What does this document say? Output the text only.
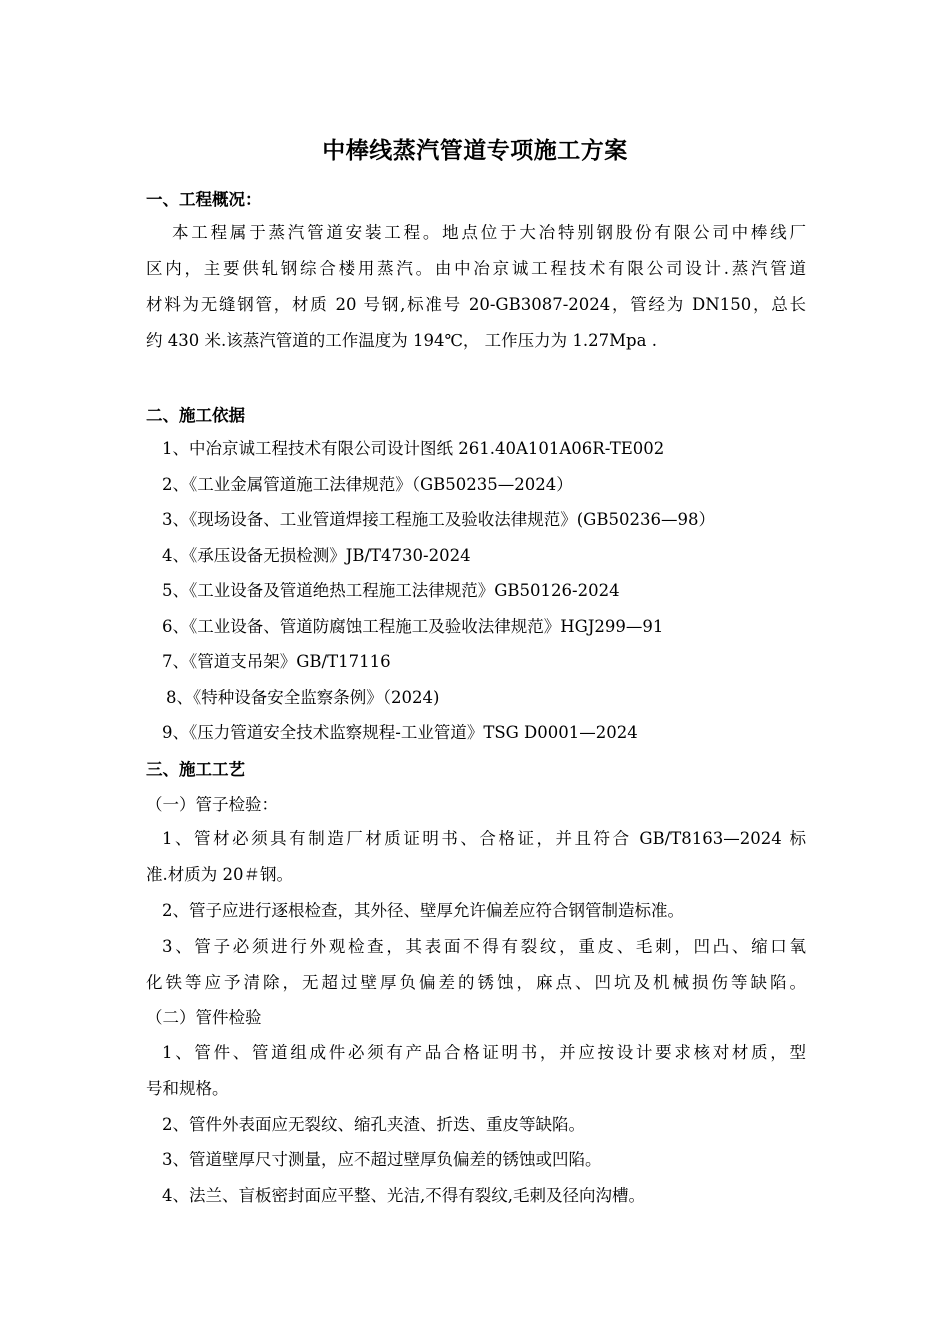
中棒线蒸汽管道专项施工方案
一、工程概况：
本工程属于蒸汽管道安装工程。地点位于大冶特别钢股份有限公司中棒线厂
区内，主要供轧钢综合楼用蒸汽。由中冶京诚工程技术有限公司设计.蒸汽管道
材料为无缝钢管，材质 20 号钢,标准号 20-GB3087-2024，管经为 DN150，总长
约 430 米.该蒸汽管道的工作温度为 194℃， 工作压力为 1.27Mpa .
二、施工依据
1、中冶京诚工程技术有限公司设计图纸 261.40A101A06R-TE002
2、《工业金属管道施工法律规范》（GB50235—2024）
3、《现场设备、工业管道焊接工程施工及验收法律规范》(GB50236—98）
4、《承压设备无损检测》JB/T4730-2024
5、《工业设备及管道绝热工程施工法律规范》GB50126-2024
6、《工业设备、管道防腐蚀工程施工及验收法律规范》HGJ299—91
7、《管道支吊架》GB/T17116
8、《特种设备安全监察条例》（2024)
9、《压力管道安全技术监察规程-工业管道》TSG D0001—2024
三、施工工艺
（一）管子检验：
1、管材必须具有制造厂材质证明书、合格证，并且符合 GB/T8163—2024 标
准.材质为 20＃钢。
2、管子应进行逐根检查，其外径、壁厚允许偏差应符合钢管制造标准。
3、管子必须进行外观检查，其表面不得有裂纹，重皮、毛刺，凹凸、缩口氧
化铁等应予清除，无超过壁厚负偏差的锈蚀，麻点、凹坑及机械损伤等缺陷。
（二）管件检验
1、管件、管道组成件必须有产品合格证明书，并应按设计要求核对材质，型
号和规格。
2、管件外表面应无裂纹、缩孔夹渣、折迭、重皮等缺陷。
3、管道壁厚尺寸测量，应不超过壁厚负偏差的锈蚀或凹陷。
4、法兰、盲板密封面应平整、光洁,不得有裂纹,毛刺及径向沟槽。
